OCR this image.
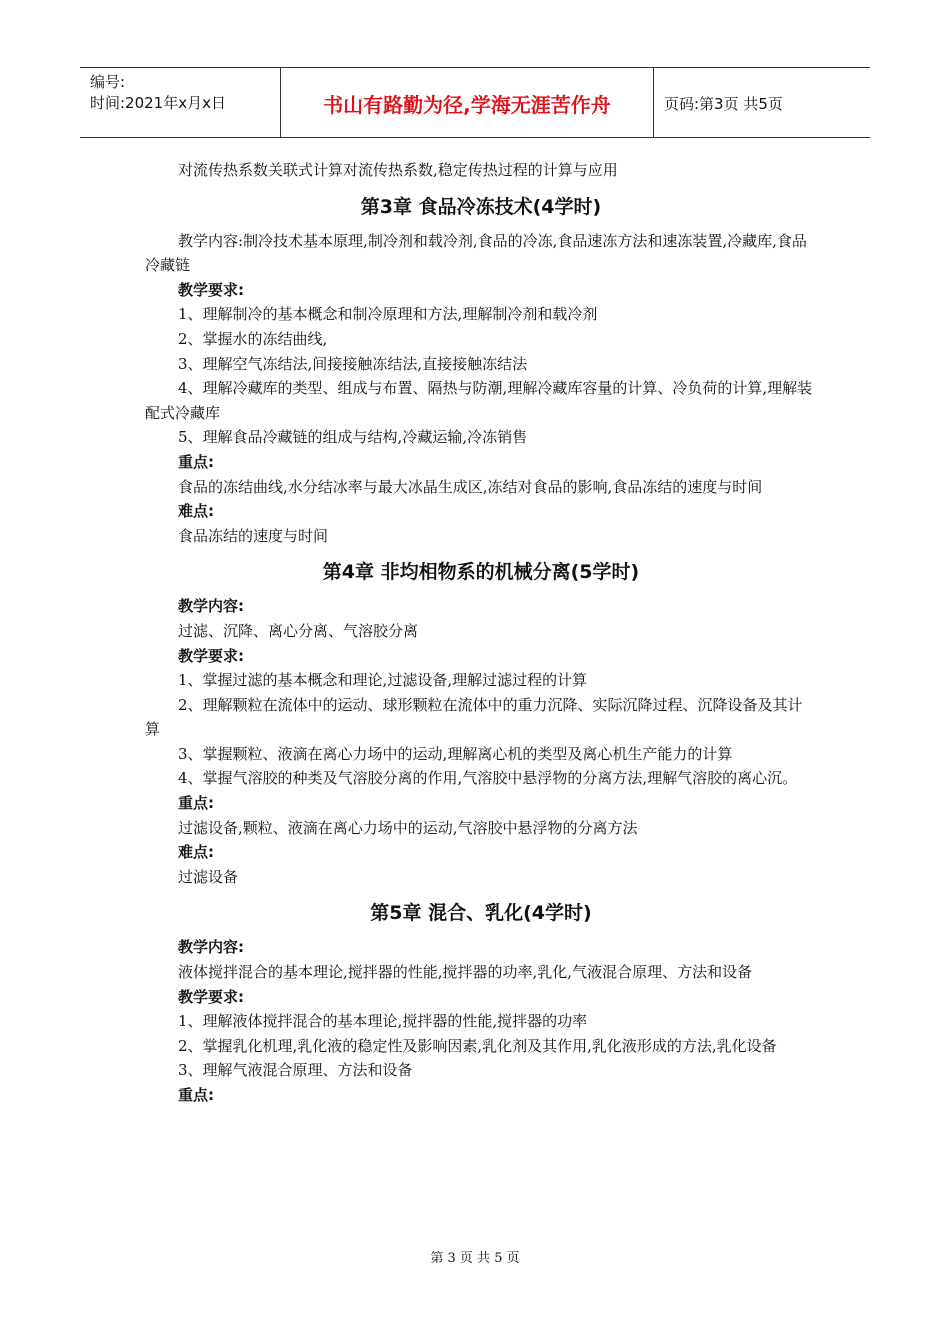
编号:
时间:2021年x月x日	书山有路勤为径,学海无涯苦作舟	页码:第3页 共5页
对流传热系数关联式计算对流传热系数,稳定传热过程的计算与应用
第3章 食品冷冻技术(4学时)
教学内容:制冷技术基本原理,制冷剂和载冷剂,食品的冷冻,食品速冻方法和速冻装置,冷藏库,食品冷藏链
教学要求:
1、理解制冷的基本概念和制冷原理和方法,理解制冷剂和载冷剂
2、掌握水的冻结曲线,
3、理解空气冻结法,间接接触冻结法,直接接触冻结法
4、理解冷藏库的类型、组成与布置、隔热与防潮,理解冷藏库容量的计算、冷负荷的计算,理解装配式冷藏库
5、理解食品冷藏链的组成与结构,冷藏运输,冷冻销售
重点:
食品的冻结曲线,水分结冰率与最大冰晶生成区,冻结对食品的影响,食品冻结的速度与时间
难点:
食品冻结的速度与时间
第4章 非均相物系的机械分离(5学时)
教学内容:
过滤、沉降、离心分离、气溶胶分离
教学要求:
1、掌握过滤的基本概念和理论,过滤设备,理解过滤过程的计算
2、理解颗粒在流体中的运动、球形颗粒在流体中的重力沉降、实际沉降过程、沉降设备及其计算
3、掌握颗粒、液滴在离心力场中的运动,理解离心机的类型及离心机生产能力的计算
4、掌握气溶胶的种类及气溶胶分离的作用,气溶胶中悬浮物的分离方法,理解气溶胶的离心沉。
重点:
过滤设备,颗粒、液滴在离心力场中的运动,气溶胶中悬浮物的分离方法
难点:
过滤设备
第5章 混合、乳化(4学时)
教学内容:
液体搅拌混合的基本理论,搅拌器的性能,搅拌器的功率,乳化,气液混合原理、方法和设备
教学要求:
1、理解液体搅拌混合的基本理论,搅拌器的性能,搅拌器的功率
2、掌握乳化机理,乳化液的稳定性及影响因素,乳化剂及其作用,乳化液形成的方法,乳化设备
3、理解气液混合原理、方法和设备
重点:
第 3 页 共 5 页
